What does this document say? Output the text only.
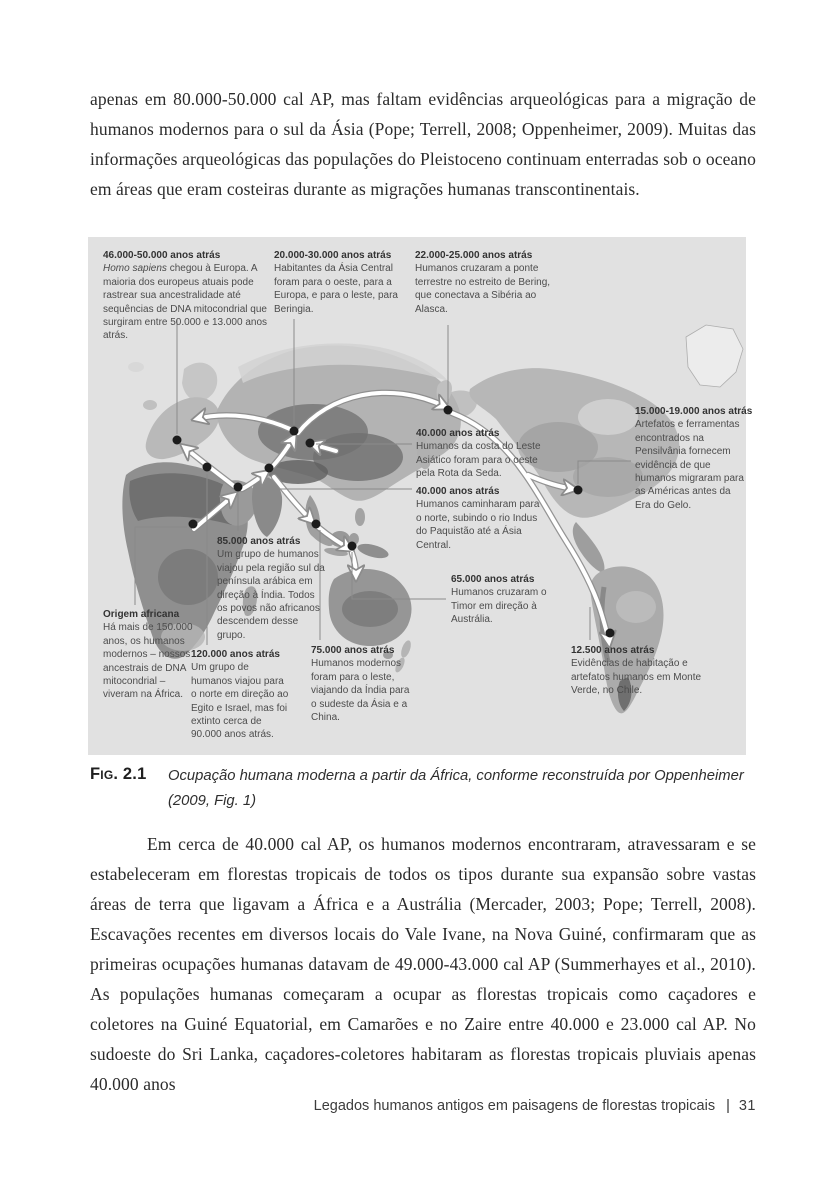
apenas em 80.000-50.000 cal AP, mas faltam evidências arqueológicas para a migração de humanos modernos para o sul da Ásia (Pope; Terrell, 2008; Oppenheimer, 2009). Muitas das informações arqueológicas das populações do Pleistoceno continuam enterradas sob o oceano em áreas que eram costeiras durante as migrações humanas transcontinentais.
46.000-50.000 anos atrás
Homo sapiens chegou à Europa. A maioria dos europeus atuais pode rastrear sua ancestralidade até sequências de DNA mitocondrial que surgiram entre 50.000 e 13.000 anos atrás.
20.000-30.000 anos atrás
Habitantes da Ásia Central foram para o oeste, para a Europa, e para o leste, para Beringia.
22.000-25.000 anos atrás
Humanos cruzaram a ponte terrestre no estreito de Bering, que conectava a Sibéria ao Alasca.
15.000-19.000 anos atrás
Artefatos e ferramentas encontrados na Pensilvânia fornecem evidência de que humanos migraram para as Américas antes da Era do Gelo.
40.000 anos atrás
Humanos da costa do Leste Asiático foram para o oeste pela Rota da Seda.
40.000 anos atrás
Humanos caminharam para o norte, subindo o rio Indus do Paquistão até a Ásia Central.
85.000 anos atrás
Um grupo de humanos viajou pela região sul da península arábica em direção à Índia. Todos os povos não africanos descendem desse grupo.
Origem africana
Há mais de 150.000 anos, os humanos modernos – nossos ancestrais de DNA mitocondrial – viveram na África.
120.000 anos atrás
Um grupo de humanos viajou para o norte em direção ao Egito e Israel, mas foi extinto cerca de 90.000 anos atrás.
75.000 anos atrás
Humanos modernos foram para o leste, viajando da Índia para o sudeste da Ásia e a China.
65.000 anos atrás
Humanos cruzaram o Timor em direção à Austrália.
12.500 anos atrás
Evidências de habitação e artefatos humanos em Monte Verde, no Chile.
Fig. 2.1 Ocupação humana moderna a partir da África, conforme reconstruída por Oppenheimer (2009, Fig. 1)
Em cerca de 40.000 cal AP, os humanos modernos encontraram, atravessaram e se estabeleceram em florestas tropicais de todos os tipos durante sua expansão sobre vastas áreas de terra que ligavam a África e a Austrália (Mercader, 2003; Pope; Terrell, 2008). Escavações recentes em diversos locais do Vale Ivane, na Nova Guiné, confirmaram que as primeiras ocupações humanas datavam de 49.000-43.000 cal AP (Summerhayes et al., 2010). As populações humanas começaram a ocupar as florestas tropicais como caçadores e coletores na Guiné Equatorial, em Camarões e no Zaire entre 40.000 e 23.000 cal AP. No sudoeste do Sri Lanka, caçadores-coletores habitaram as florestas tropicais pluviais apenas 40.000 anos
Legados humanos antigos em paisagens de florestas tropicais | 31
